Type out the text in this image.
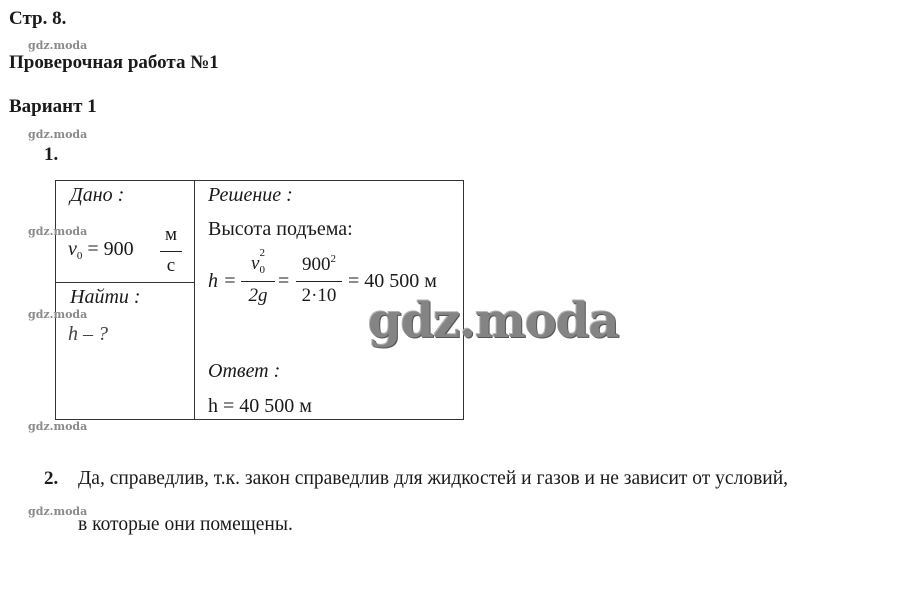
Стр. 8.
gdz.moda
Проверочная работа №1
Вариант 1
gdz.moda
1.
Дано :
gdz.moda
$v_0 = 900$
м
с
Найти :
gdz.moda
h – ?
Решение :
Высота подъема:
h =
v 2
$_0$
2g
=
$900^2$
2·10
= 40 500 м
Ответ :
h = 40 500 м
gdz.moda
gdz.moda
2. Да, справедлив, т.к. закон справедлив для жидкостей и газов и не зависит от условий,
gdz.moda
в которые они помещены.
